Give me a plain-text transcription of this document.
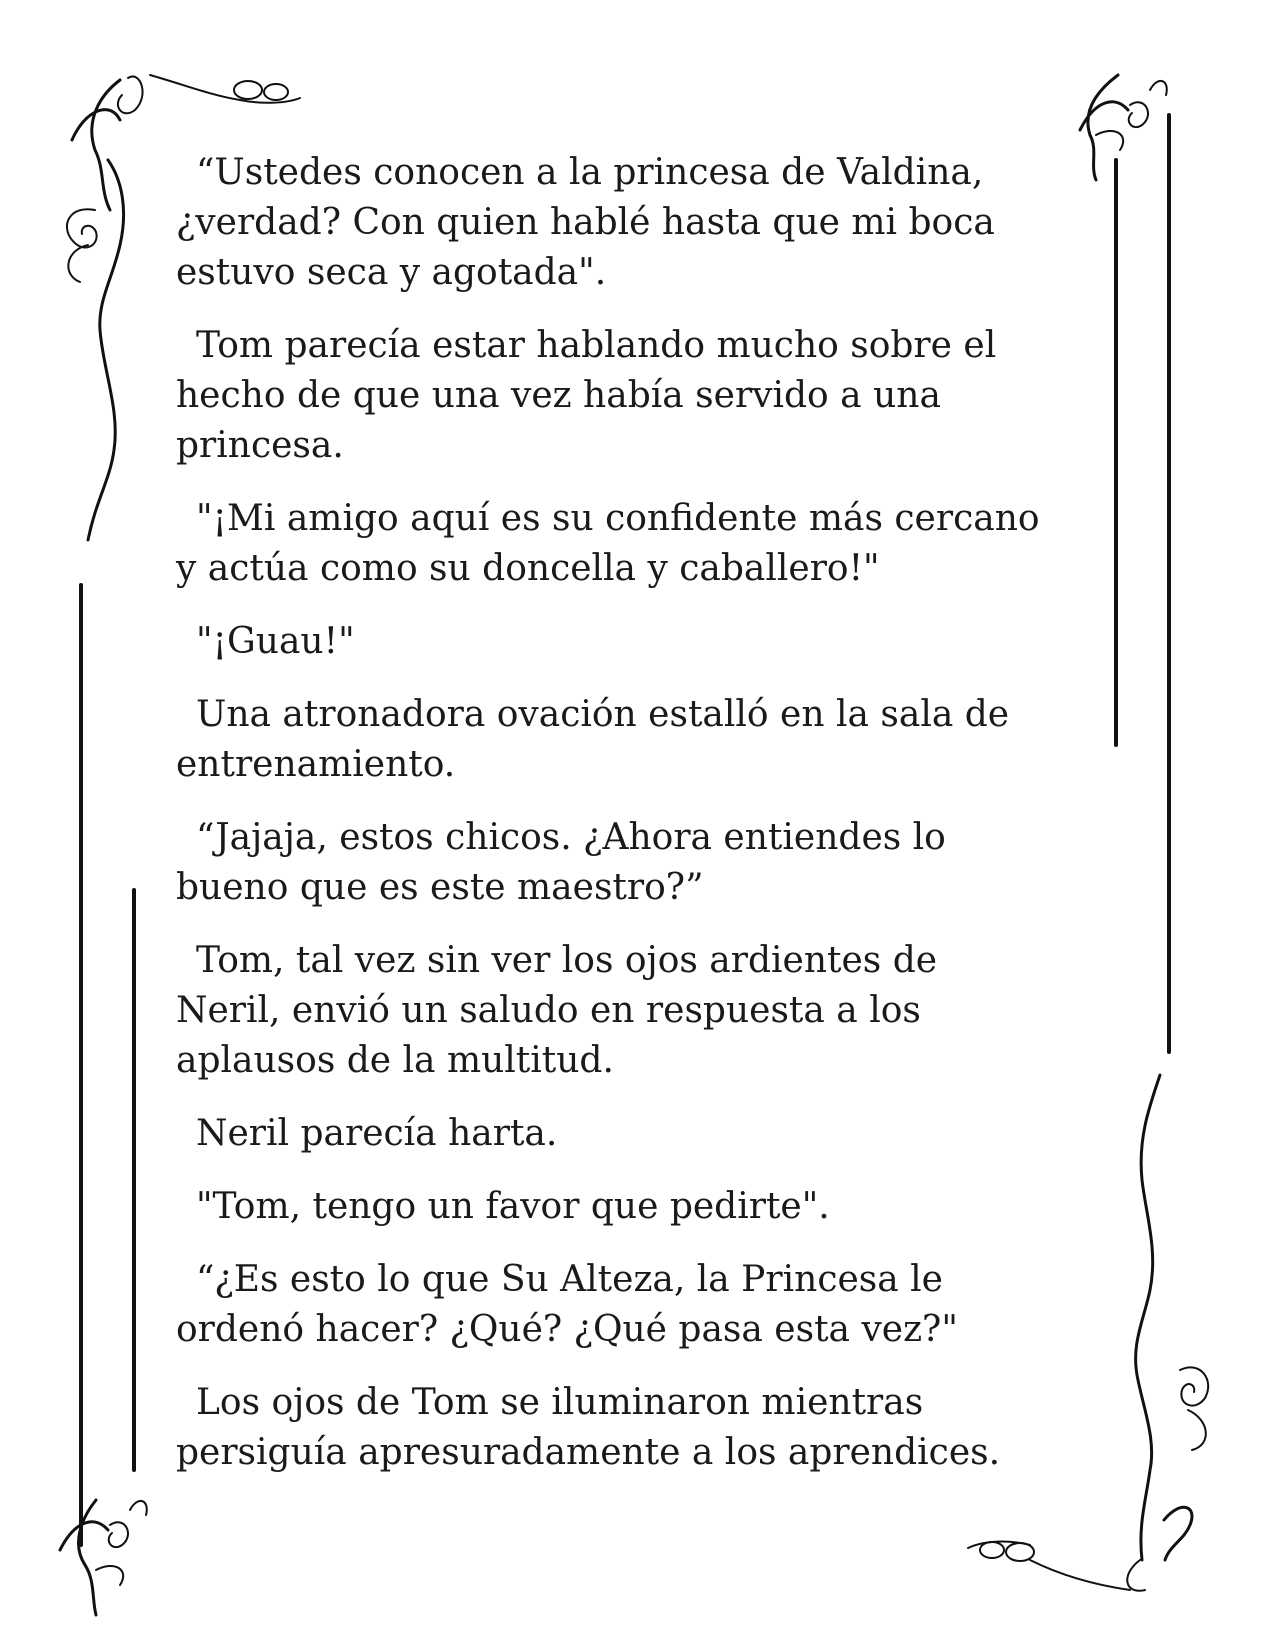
“Ustedes conocen a la princesa de Valdina,
¿verdad? Con quien hablé hasta que mi boca
estuvo seca y agotada".

Tom parecía estar hablando mucho sobre el
hecho de que una vez había servido a una
princesa.

"¡Mi amigo aquí es su confidente más cercano
y actúa como su doncella y caballero!"

"¡Guau!"

Una atronadora ovación estalló en la sala de
entrenamiento.

“Jajaja, estos chicos. ¿Ahora entiendes lo
bueno que es este maestro?”

Tom, tal vez sin ver los ojos ardientes de
Neril, envió un saludo en respuesta a los
aplausos de la multitud.

Neril parecía harta.

"Tom, tengo un favor que pedirte".

“¿Es esto lo que Su Alteza, la Princesa le
ordenó hacer? ¿Qué? ¿Qué pasa esta vez?"

Los ojos de Tom se iluminaron mientras
persiguía apresuradamente a los aprendices.
